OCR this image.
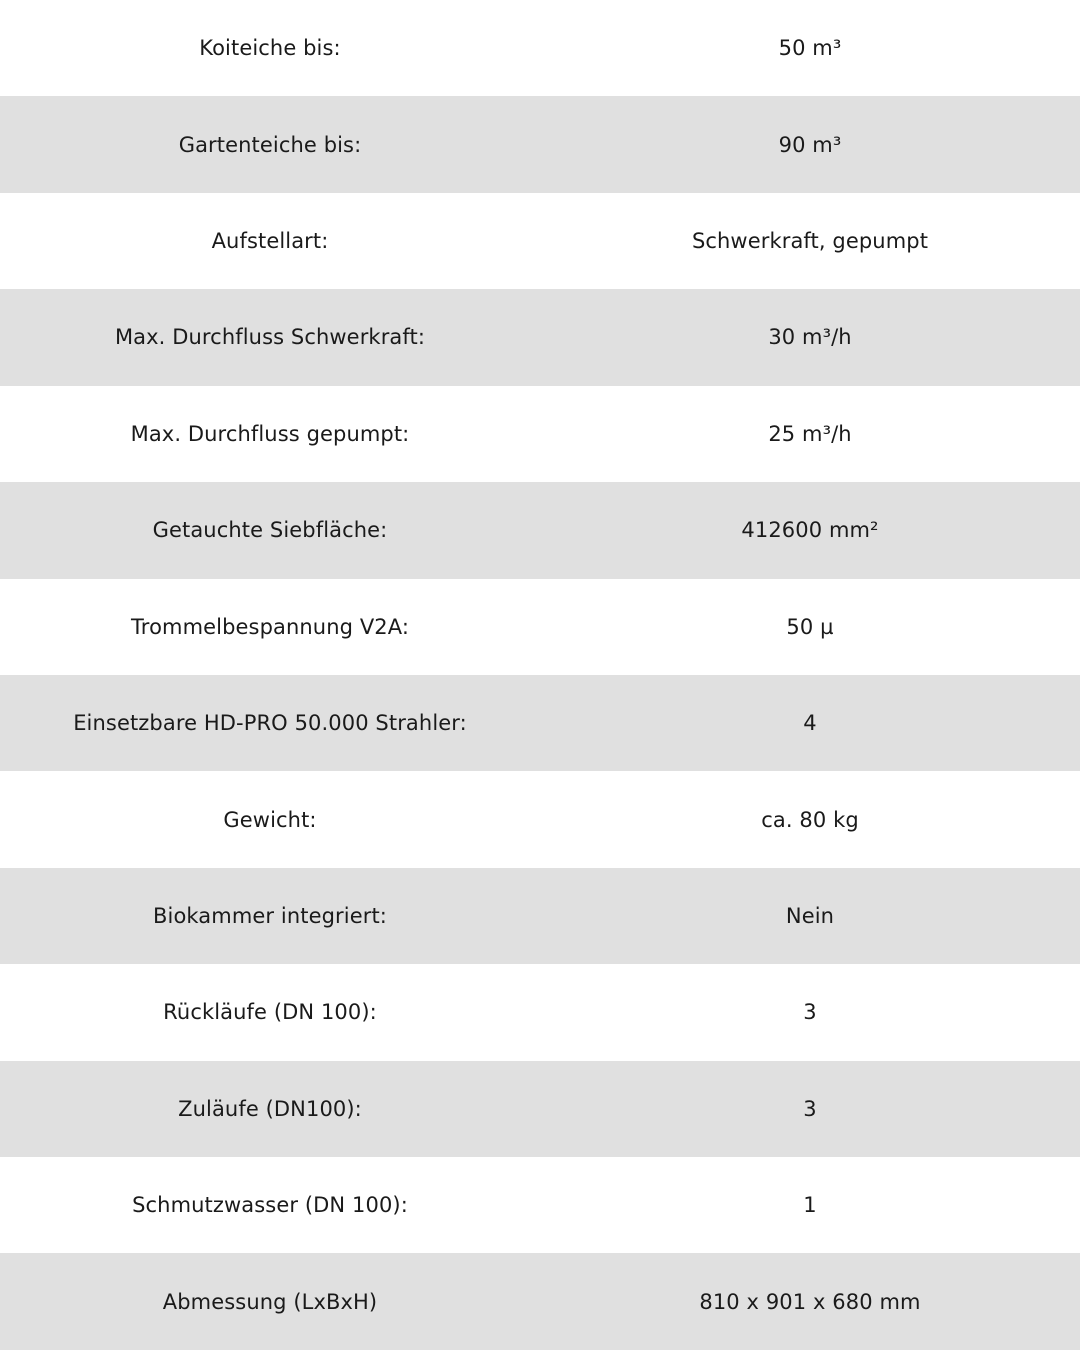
Koiteiche bis:	50 m³
Gartenteiche bis:	90 m³
Aufstellart:	Schwerkraft, gepumpt
Max. Durchfluss Schwerkraft:	30 m³/h
Max. Durchfluss gepumpt:	25 m³/h
Getauchte Siebfläche:	412600 mm²
Trommelbespannung V2A:	50 µ
Einsetzbare HD-PRO 50.000 Strahler:	4
Gewicht:	ca. 80 kg
Biokammer integriert:	Nein
Rückläufe (DN 100):	3
Zuläufe (DN100):	3
Schmutzwasser (DN 100):	1
Abmessung (LxBxH)	810 x 901 x 680 mm
